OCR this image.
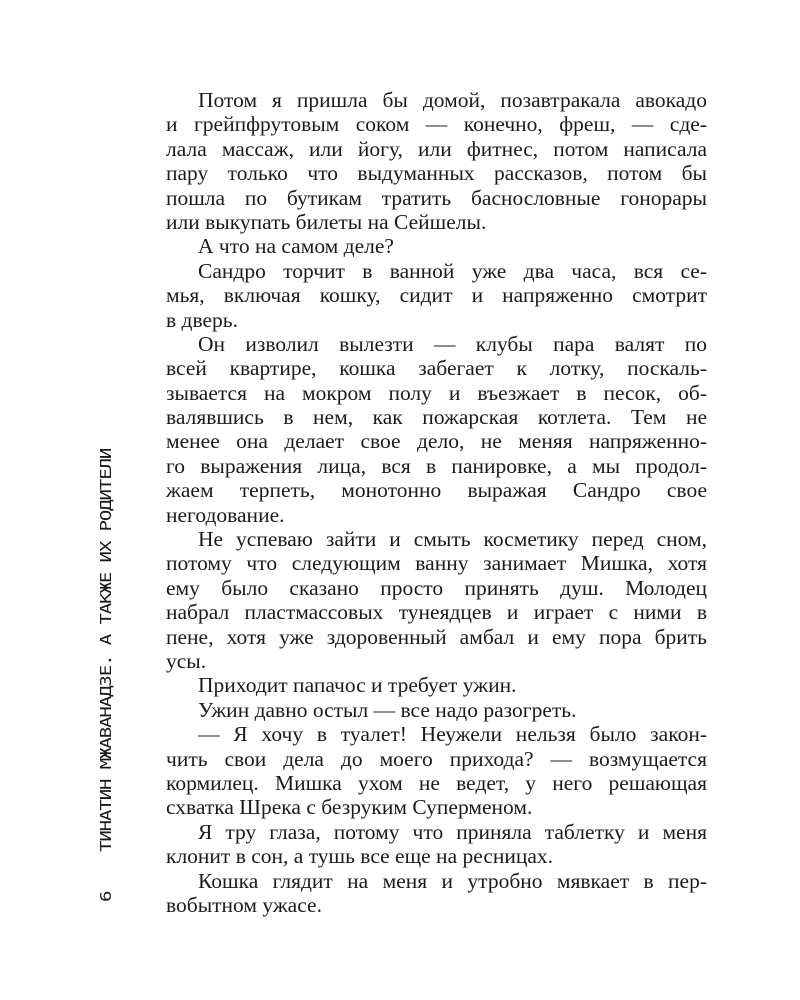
6ТИНАТИН МЖАВАНАДЗЕ. А ТАКЖЕ ИХ РОДИТЕЛИ
Потом я пришла бы домой, позавтракала авокадо
и грейпфрутовым соком — конечно, фреш, — сде-
лала массаж, или йогу, или фитнес, потом написала
пару только что выдуманных рассказов, потом бы
пошла по бутикам тратить баснословные гонорары
или выкупать билеты на Сейшелы.
А что на самом деле?
Сандро торчит в ванной уже два часа, вся се-
мья, включая кошку, сидит и напряженно смотрит
в дверь.
Он изволил вылезти — клубы пара валят по
всей квартире, кошка забегает к лотку, поскаль-
зывается на мокром полу и въезжает в песок, об-
валявшись в нем, как пожарская котлета. Тем не
менее она делает свое дело, не меняя напряженно-
го выражения лица, вся в панировке, а мы продол-
жаем терпеть, монотонно выражая Сандро свое
негодование.
Не успеваю зайти и смыть косметику перед сном,
потому что следующим ванну занимает Мишка, хотя
ему было сказано просто принять душ. Молодец
набрал пластмассовых тунеядцев и играет с ними в
пене, хотя уже здоровенный амбал и ему пора брить
усы.
Приходит папачос и требует ужин.
Ужин давно остыл — все надо разогреть.
— Я хочу в туалет! Неужели нельзя было закон-
чить свои дела до моего прихода? — возмущается
кормилец. Мишка ухом не ведет, у него решающая
схватка Шрека с безруким Суперменом.
Я тру глаза, потому что приняла таблетку и меня
клонит в сон, а тушь все еще на ресницах.
Кошка глядит на меня и утробно мявкает в пер-
вобытном ужасе.
